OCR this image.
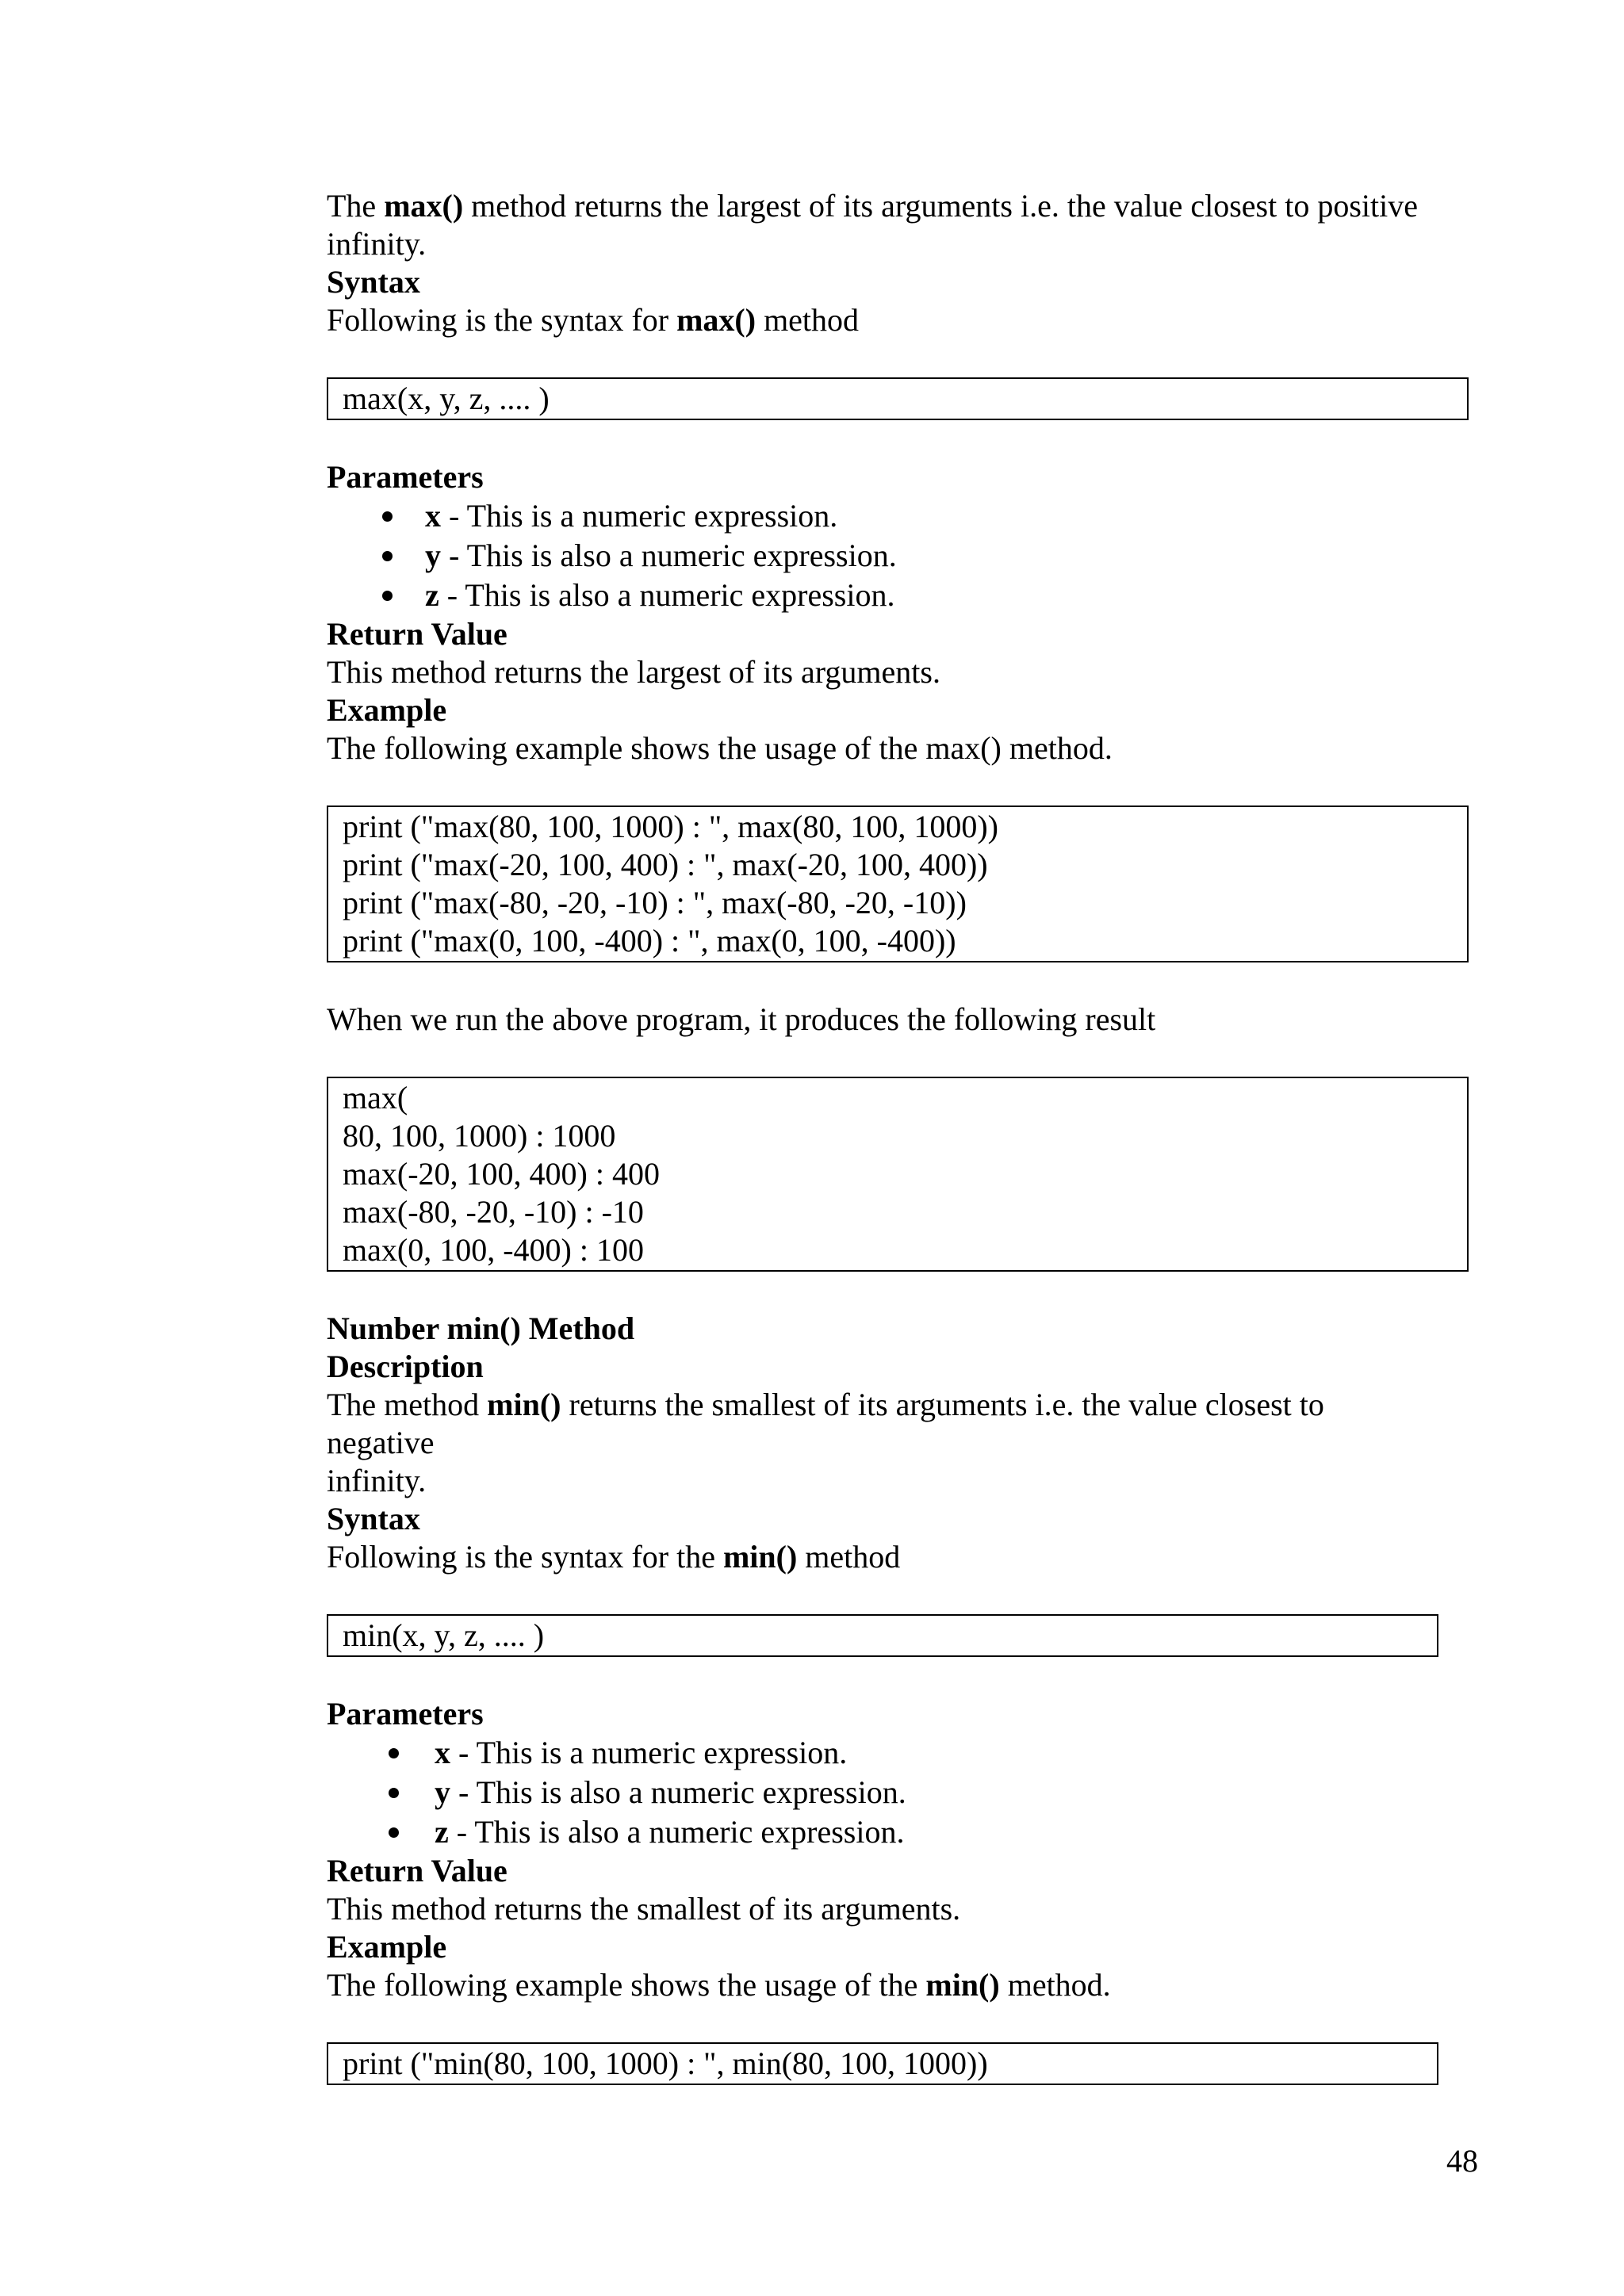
The max() method returns the largest of its arguments i.e. the value closest to positive

infinity.

Syntax

Following is the syntax for max() method

max(x, y, z, .... )

Parameters

x - This is a numeric expression.
y - This is also a numeric expression.
z - This is also a numeric expression.

Return Value

This method returns the largest of its arguments.

Example

The following example shows the usage of the max() method.

print ("max(80, 100, 1000) : ", max(80, 100, 1000))
print ("max(-20, 100, 400) : ", max(-20, 100, 400))
print ("max(-80, -20, -10) : ", max(-80, -20, -10))
print ("max(0, 100, -400) : ", max(0, 100, -400))

When we run the above program, it produces the following result

max(
80, 100, 1000) : 1000
max(-20, 100, 400) : 400
max(-80, -20, -10) : -10
max(0, 100, -400) : 100

Number min() Method

Description

The method min() returns the smallest of its arguments i.e. the value closest to

negative

infinity.

Syntax

Following is the syntax for the min() method

min(x, y, z, .... )

Parameters

x - This is a numeric expression.
y - This is also a numeric expression.
z - This is also a numeric expression.

Return Value

This method returns the smallest of its arguments.

Example

The following example shows the usage of the min() method.

print ("min(80, 100, 1000) : ", min(80, 100, 1000))
48
